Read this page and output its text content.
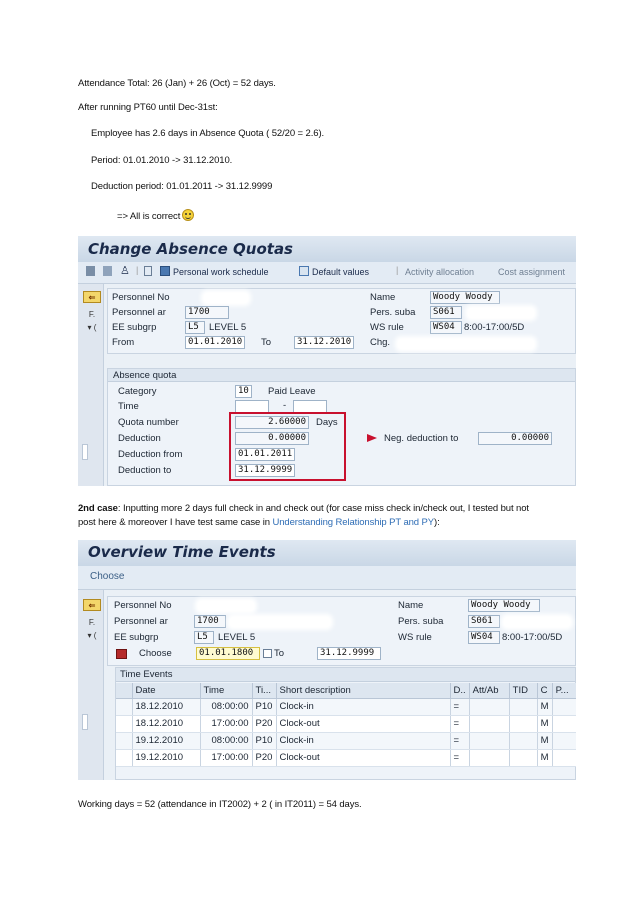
Attendance Total: 26 (Jan) + 26 (Oct) = 52 days.
After running PT60 until Dec-31st:
Employee has 2.6 days in Absence Quota ( 52/20 = 2.6).
Period: 01.01.2010 -> 31.12.2010.
Deduction period: 01.01.2011 -> 31.12.9999
=> All is correct
Change Absence Quotas
♙ |	Personal work schedule	Default values	| Activity allocation	Cost assignment
⇐
F.
▾ (
Personnel No
Personnel ar	1700
EE subgrp	L5	LEVEL 5
From	01.01.2010 To	31.12.2010
Name	Woody Woody
Pers. suba	S061
WS rule	WS04 8:00-17:00/5D
Chg.
Absence quota
Category	10	Paid Leave
Time	-
Quota number	2.60000	Days
Deduction	0.00000
Deduction from	01.01.2011
Deduction to	31.12.9999
Neg. deduction to	0.00000
2nd case: Inputting more 2 days full check in and check out (for case miss check in/check out, I tested but not
post here & moreover I have test same case in Understanding Relationship PT and PY):
Overview Time Events
Choose
⇐
F.
▾ (
Personnel No
Personnel ar	1700
EE subgrp	L5	LEVEL 5
Choose	01.01.1800	To	31.12.9999
Name	Woody Woody
Pers. suba	S061
WS rule	WS04 8:00-17:00/5D
Time Events
	Date	Time	Ti...	Short description	D..	Att/Ab	TID	C	P...
	18.12.2010	08:00:00	P10	Clock-in	=			M	
	18.12.2010	17:00:00	P20	Clock-out	=			M	
	19.12.2010	08:00:00	P10	Clock-in	=			M	
	19.12.2010	17:00:00	P20	Clock-out	=			M	
Working days = 52 (attendance in IT2002) + 2 ( in IT2011) = 54 days.
